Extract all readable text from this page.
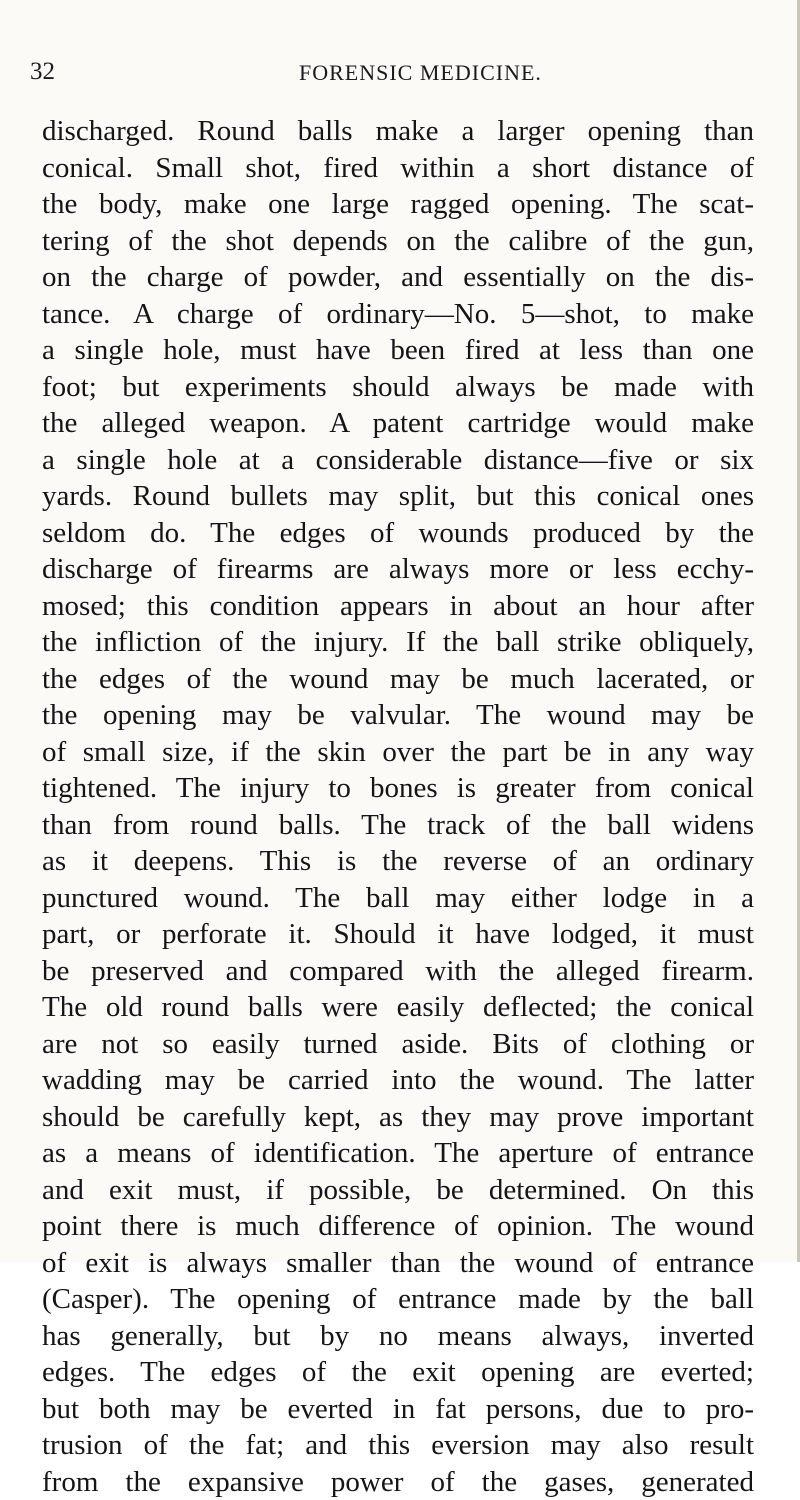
32	FORENSIC MEDICINE.
discharged. Round balls make a larger opening than
conical. Small shot, fired within a short distance of
the body, make one large ragged opening. The scat-
tering of the shot depends on the calibre of the gun,
on the charge of powder, and essentially on the dis-
tance. A charge of ordinary—No. 5—shot, to make
a single hole, must have been fired at less than one
foot; but experiments should always be made with
the alleged weapon. A patent cartridge would make
a single hole at a considerable distance—five or six
yards. Round bullets may split, but this conical ones
seldom do. The edges of wounds produced by the
discharge of firearms are always more or less ecchy-
mosed; this condition appears in about an hour after
the infliction of the injury. If the ball strike obliquely,
the edges of the wound may be much lacerated, or
the opening may be valvular. The wound may be
of small size, if the skin over the part be in any way
tightened. The injury to bones is greater from conical
than from round balls. The track of the ball widens
as it deepens. This is the reverse of an ordinary
punctured wound. The ball may either lodge in a
part, or perforate it. Should it have lodged, it must
be preserved and compared with the alleged firearm.
The old round balls were easily deflected; the conical
are not so easily turned aside. Bits of clothing or
wadding may be carried into the wound. The latter
should be carefully kept, as they may prove important
as a means of identification. The aperture of entrance
and exit must, if possible, be determined. On this
point there is much difference of opinion. The wound
of exit is always smaller than the wound of entrance
(Casper). The opening of entrance made by the ball
has generally, but by no means always, inverted
edges. The edges of the exit opening are everted;
but both may be everted in fat persons, due to pro-
trusion of the fat; and this eversion may also result
from the expansive power of the gases, generated
